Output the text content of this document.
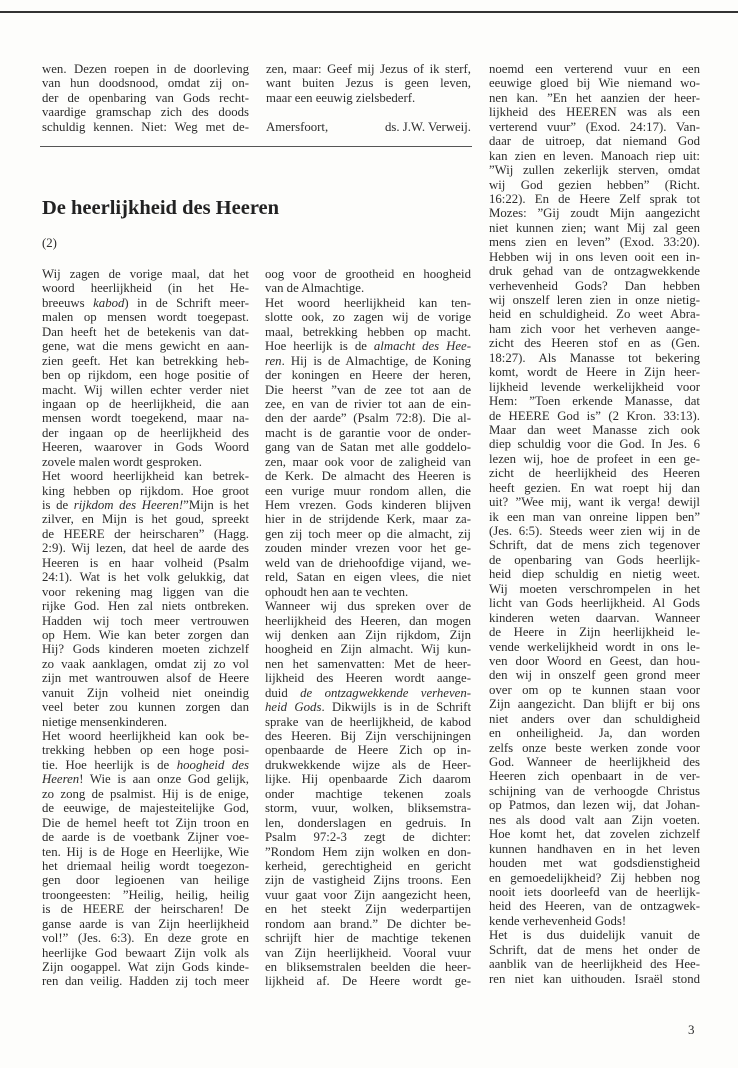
wen. Dezen roepen in de doorleving
van hun doodsnood, omdat zij on-
der de openbaring van Gods recht-
vaardige gramschap zich des doods
schuldig kennen. Niet: Weg met de-
zen, maar: Geef mij Jezus of ik sterf,
want buiten Jezus is geen leven,
maar een eeuwig zielsbederf.
Amersfoort,	ds. J.W. Verweij.
De heerlijkheid des Heeren
(2)
Wij zagen de vorige maal, dat het
woord heerlijkheid (in het He-
breeuws kabod) in de Schrift meer-
malen op mensen wordt toegepast.
Dan heeft het de betekenis van dat-
gene, wat die mens gewicht en aan-
zien geeft. Het kan betrekking heb-
ben op rijkdom, een hoge positie of
macht. Wij willen echter verder niet
ingaan op de heerlijkheid, die aan
mensen wordt toegekend, maar na-
der ingaan op de heerlijkheid des
Heeren, waarover in Gods Woord
zovele malen wordt gesproken.
Het woord heerlijkheid kan betrek-
king hebben op rijkdom. Hoe groot
is de rijkdom des Heeren!”Mijn is het
zilver, en Mijn is het goud, spreekt
de HEERE der heirscharen” (Hagg.
2:9). Wij lezen, dat heel de aarde des
Heeren is en haar volheid (Psalm
24:1). Wat is het volk gelukkig, dat
voor rekening mag liggen van die
rijke God. Hen zal niets ontbreken.
Hadden wij toch meer vertrouwen
op Hem. Wie kan beter zorgen dan
Hij? Gods kinderen moeten zichzelf
zo vaak aanklagen, omdat zij zo vol
zijn met wantrouwen alsof de Heere
vanuit Zijn volheid niet oneindig
veel beter zou kunnen zorgen dan
nietige mensenkinderen.
Het woord heerlijkheid kan ook be-
trekking hebben op een hoge posi-
tie. Hoe heerlijk is de hoogheid des
Heeren! Wie is aan onze God gelijk,
zo zong de psalmist. Hij is de enige,
de eeuwige, de majesteitelijke God,
Die de hemel heeft tot Zijn troon en
de aarde is de voetbank Zijner voe-
ten. Hij is de Hoge en Heerlijke, Wie
het driemaal heilig wordt toegezon-
gen door legioenen van heilige
troongeesten: ”Heilig, heilig, heilig
is de HEERE der heirscharen! De
ganse aarde is van Zijn heerlijkheid
vol!” (Jes. 6:3). En deze grote en
heerlijke God bewaart Zijn volk als
Zijn oogappel. Wat zijn Gods kinde-
ren dan veilig. Hadden zij toch meer
oog voor de grootheid en hoogheid
van de Almachtige.
Het woord heerlijkheid kan ten-
slotte ook, zo zagen wij de vorige
maal, betrekking hebben op macht.
Hoe heerlijk is de almacht des Hee-
ren. Hij is de Almachtige, de Koning
der koningen en Heere der heren,
Die heerst ”van de zee tot aan de
zee, en van de rivier tot aan de ein-
den der aarde” (Psalm 72:8). Die al-
macht is de garantie voor de onder-
gang van de Satan met alle goddelo-
zen, maar ook voor de zaligheid van
de Kerk. De almacht des Heeren is
een vurige muur rondom allen, die
Hem vrezen. Gods kinderen blijven
hier in de strijdende Kerk, maar za-
gen zij toch meer op die almacht, zij
zouden minder vrezen voor het ge-
weld van de driehoofdige vijand, we-
reld, Satan en eigen vlees, die niet
ophoudt hen aan te vechten.
Wanneer wij dus spreken over de
heerlijkheid des Heeren, dan mogen
wij denken aan Zijn rijkdom, Zijn
hoogheid en Zijn almacht. Wij kun-
nen het samenvatten: Met de heer-
lijkheid des Heeren wordt aange-
duid de ontzagwekkende verheven-
heid Gods. Dikwijls is in de Schrift
sprake van de heerlijkheid, de kabod
des Heeren. Bij Zijn verschijningen
openbaarde de Heere Zich op in-
drukwekkende wijze als de Heer-
lijke. Hij openbaarde Zich daarom
onder machtige tekenen zoals
storm, vuur, wolken, bliksemstra-
len, donderslagen en gedruis. In
Psalm 97:2-3 zegt de dichter:
”Rondom Hem zijn wolken en don-
kerheid, gerechtigheid en gericht
zijn de vastigheid Zijns troons. Een
vuur gaat voor Zijn aangezicht heen,
en het steekt Zijn wederpartijen
rondom aan brand.” De dichter be-
schrijft hier de machtige tekenen
van Zijn heerlijkheid. Vooral vuur
en bliksemstralen beelden die heer-
lijkheid af. De Heere wordt ge-
noemd een verterend vuur en een
eeuwige gloed bij Wie niemand wo-
nen kan. ”En het aanzien der heer-
lijkheid des HEEREN was als een
verterend vuur” (Exod. 24:17). Van-
daar de uitroep, dat niemand God
kan zien en leven. Manoach riep uit:
”Wij zullen zekerlijk sterven, omdat
wij God gezien hebben” (Richt.
16:22). En de Heere Zelf sprak tot
Mozes: ”Gij zoudt Mijn aangezicht
niet kunnen zien; want Mij zal geen
mens zien en leven” (Exod. 33:20).
Hebben wij in ons leven ooit een in-
druk gehad van de ontzagwekkende
verhevenheid Gods? Dan hebben
wij onszelf leren zien in onze nietig-
heid en schuldigheid. Zo weet Abra-
ham zich voor het verheven aange-
zicht des Heeren stof en as (Gen.
18:27). Als Manasse tot bekering
komt, wordt de Heere in Zijn heer-
lijkheid levende werkelijkheid voor
Hem: ”Toen erkende Manasse, dat
de HEERE God is” (2 Kron. 33:13).
Maar dan weet Manasse zich ook
diep schuldig voor die God. In Jes. 6
lezen wij, hoe de profeet in een ge-
zicht de heerlijkheid des Heeren
heeft gezien. En wat roept hij dan
uit? ”Wee mij, want ik verga! dewijl
ik een man van onreine lippen ben”
(Jes. 6:5). Steeds weer zien wij in de
Schrift, dat de mens zich tegenover
de openbaring van Gods heerlijk-
heid diep schuldig en nietig weet.
Wij moeten verschrompelen in het
licht van Gods heerlijkheid. Al Gods
kinderen weten daarvan. Wanneer
de Heere in Zijn heerlijkheid le-
vende werkelijkheid wordt in ons le-
ven door Woord en Geest, dan hou-
den wij in onszelf geen grond meer
over om op te kunnen staan voor
Zijn aangezicht. Dan blijft er bij ons
niet anders over dan schuldigheid
en onheiligheid. Ja, dan worden
zelfs onze beste werken zonde voor
God. Wanneer de heerlijkheid des
Heeren zich openbaart in de ver-
schijning van de verhoogde Christus
op Patmos, dan lezen wij, dat Johan-
nes als dood valt aan Zijn voeten.
Hoe komt het, dat zovelen zichzelf
kunnen handhaven en in het leven
houden met wat godsdienstigheid
en gemoedelijkheid? Zij hebben nog
nooit iets doorleefd van de heerlijk-
heid des Heeren, van de ontzagwek-
kende verhevenheid Gods!
Het is dus duidelijk vanuit de
Schrift, dat de mens het onder de
aanblik van de heerlijkheid des Hee-
ren niet kan uithouden. Israël stond
3
